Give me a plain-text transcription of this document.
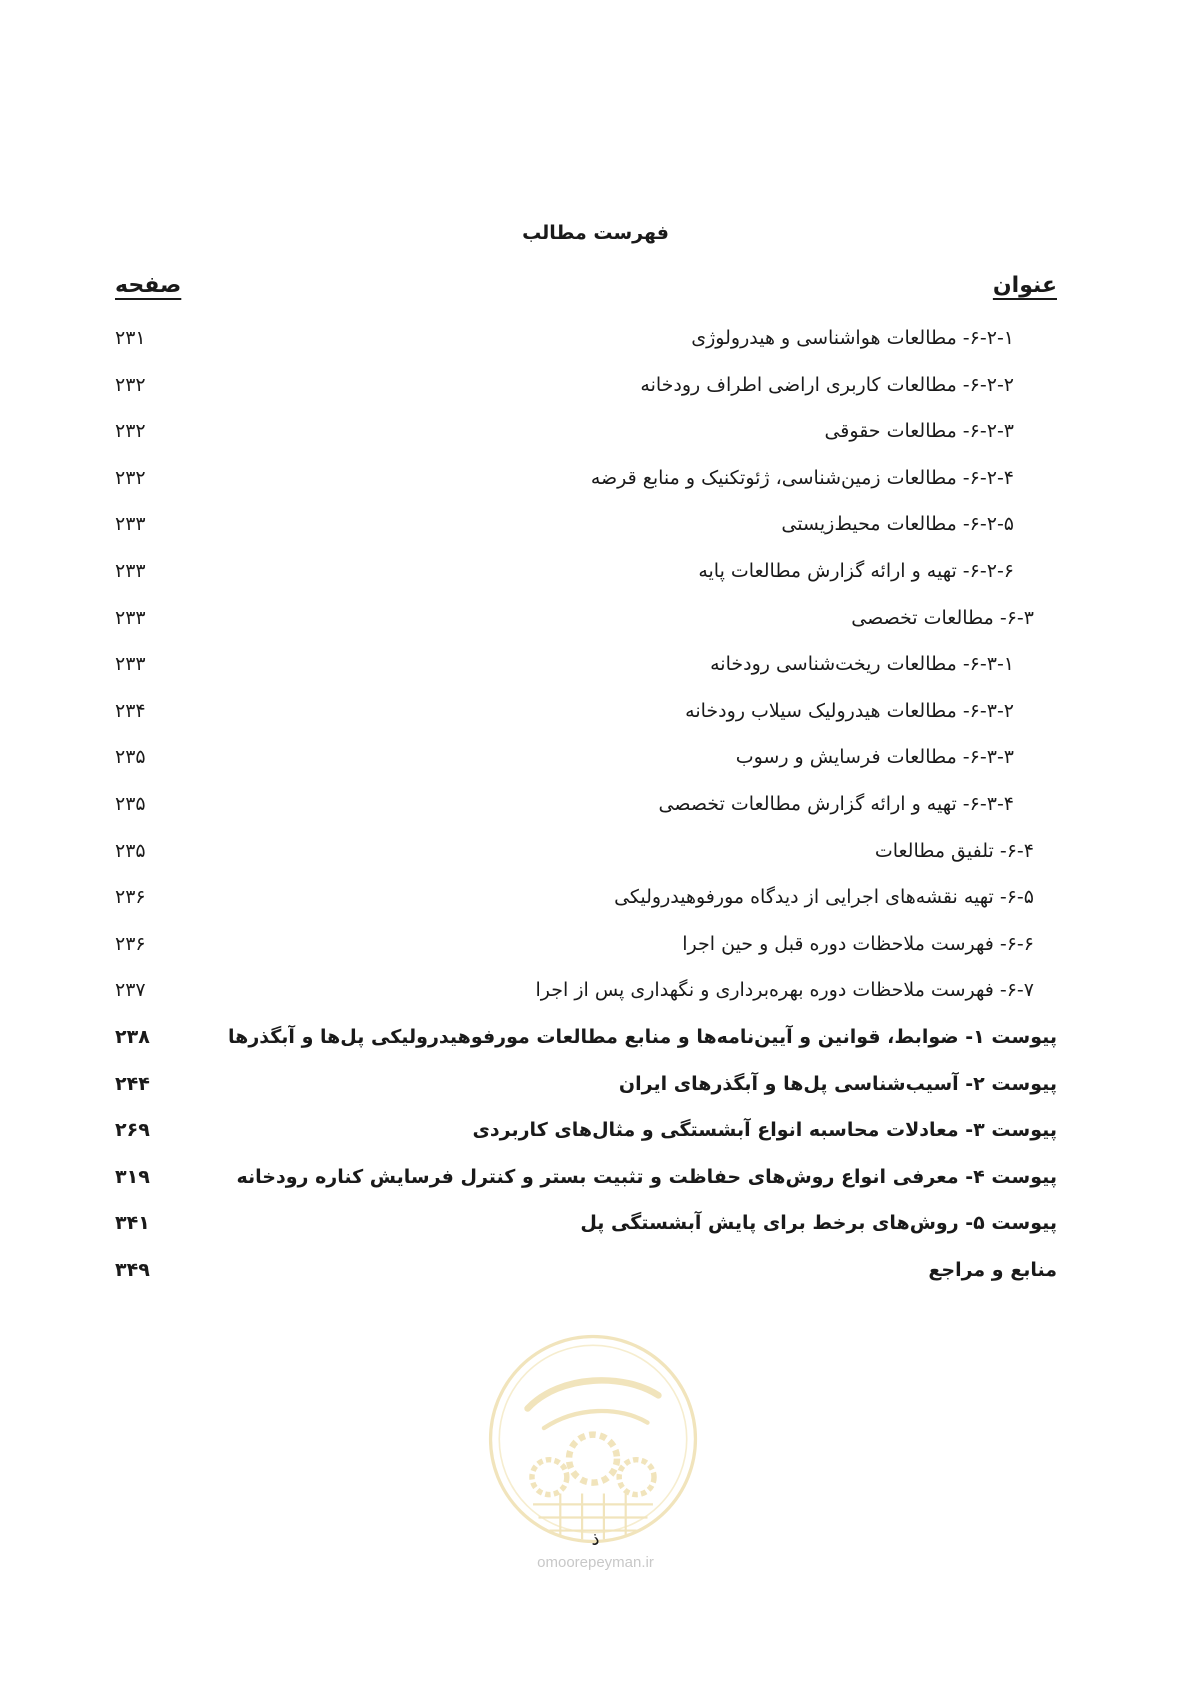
فهرست مطالب
عنوان
صفحه
۶-۲-۱- مطالعات هواشناسی و هیدرولوژی
۲۳۱
۶-۲-۲- مطالعات کاربری اراضی اطراف رودخانه
۲۳۲
۶-۲-۳- مطالعات حقوقی
۲۳۲
۶-۲-۴- مطالعات زمین‌شناسی، ژئوتکنیک و منابع قرضه
۲۳۲
۶-۲-۵- مطالعات محیط‌زیستی
۲۳۳
۶-۲-۶- تهیه و ارائه گزارش مطالعات پایه
۲۳۳
۶-۳- مطالعات تخصصی
۲۳۳
۶-۳-۱- مطالعات ریخت‌شناسی رودخانه
۲۳۳
۶-۳-۲- مطالعات هیدرولیک سیلاب رودخانه
۲۳۴
۶-۳-۳- مطالعات فرسایش و رسوب
۲۳۵
۶-۳-۴- تهیه و ارائه گزارش مطالعات تخصصی
۲۳۵
۶-۴- تلفیق مطالعات
۲۳۵
۶-۵- تهیه نقشه‌های اجرایی از دیدگاه مورفوهیدرولیکی
۲۳۶
۶-۶- فهرست ملاحظات دوره قبل و حین اجرا
۲۳۶
۶-۷- فهرست ملاحظات دوره بهره‌برداری و نگهداری پس از اجرا
۲۳۷
پیوست ۱- ضوابط، قوانین و آیین‌نامه‌ها و منابع مطالعات مورفوهیدرولیکی پل‌ها و آبگذرها
۲۳۸
پیوست ۲- آسیب‌شناسی پل‌ها و آبگذرهای ایران
۲۴۴
پیوست ۳- معادلات محاسبه انواع آبشستگی و مثال‌های کاربردی
۲۶۹
پیوست ۴- معرفی انواع روش‌های حفاظت و تثبیت بستر و کنترل فرسایش کناره رودخانه
۳۱۹
پیوست ۵- روش‌های برخط برای پایش آبشستگی پل
۳۴۱
منابع و مراجع
۳۴۹
ذ
omoorepeyman.ir
